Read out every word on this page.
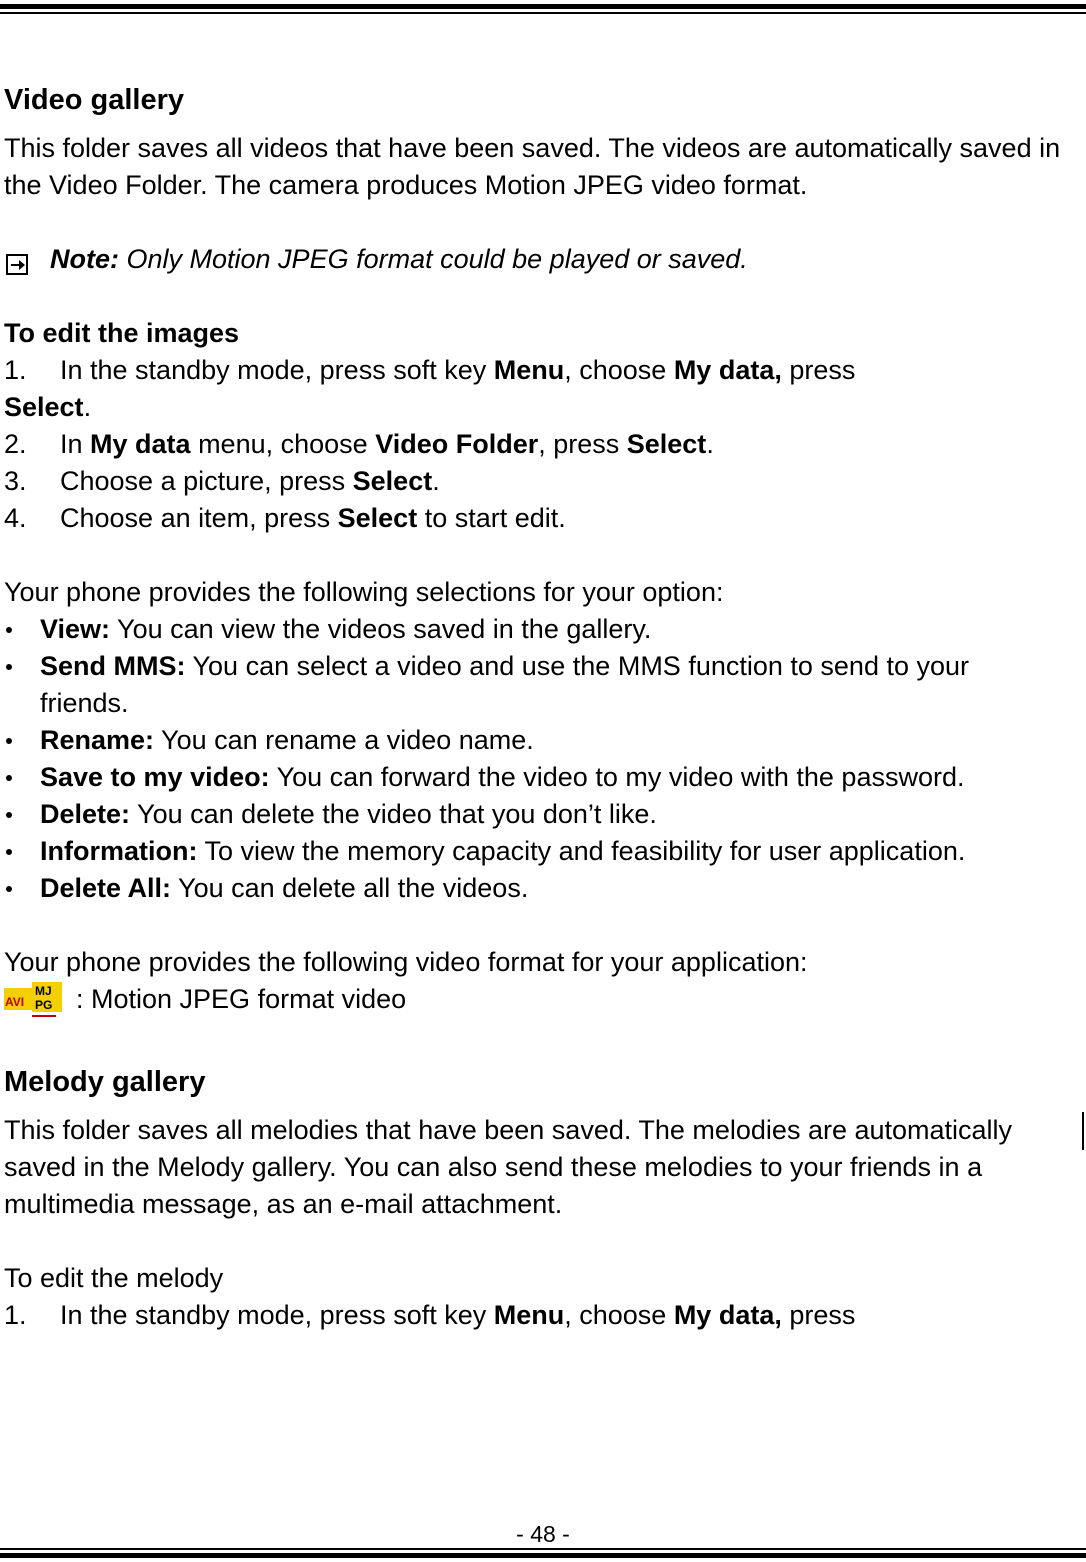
Video gallery

This folder saves all videos that have been saved. The videos are automatically saved in the Video Folder. The camera produces Motion JPEG video format.

Note: Only Motion JPEG format could be played or saved.

To edit the images

1. In the standby mode, press soft key Menu, choose My data, press
Select.
2. In My data menu, choose Video Folder, press Select.
3. Choose a picture, press Select.
4. Choose an item, press Select to start edit.

Your phone provides the following selections for your option:

View: You can view the videos saved in the gallery.
Send MMS: You can select a video and use the MMS function to send to your friends.
Rename: You can rename a video name.
Save to my video: You can forward the video to my video with the password.
Delete: You can delete the video that you don’t like.
Information: To view the memory capacity and feasibility for user application.
Delete All: You can delete all the videos.

Your phone provides the following video format for your application:

AVI
MJ
PG : Motion JPEG format video

Melody gallery

This folder saves all melodies that have been saved. The melodies are automatically saved in the Melody gallery. You can also send these melodies to your friends in a multimedia message, as an e-mail attachment.

To edit the melody

1. In the standby mode, press soft key Menu, choose My data, press
- 48 -
